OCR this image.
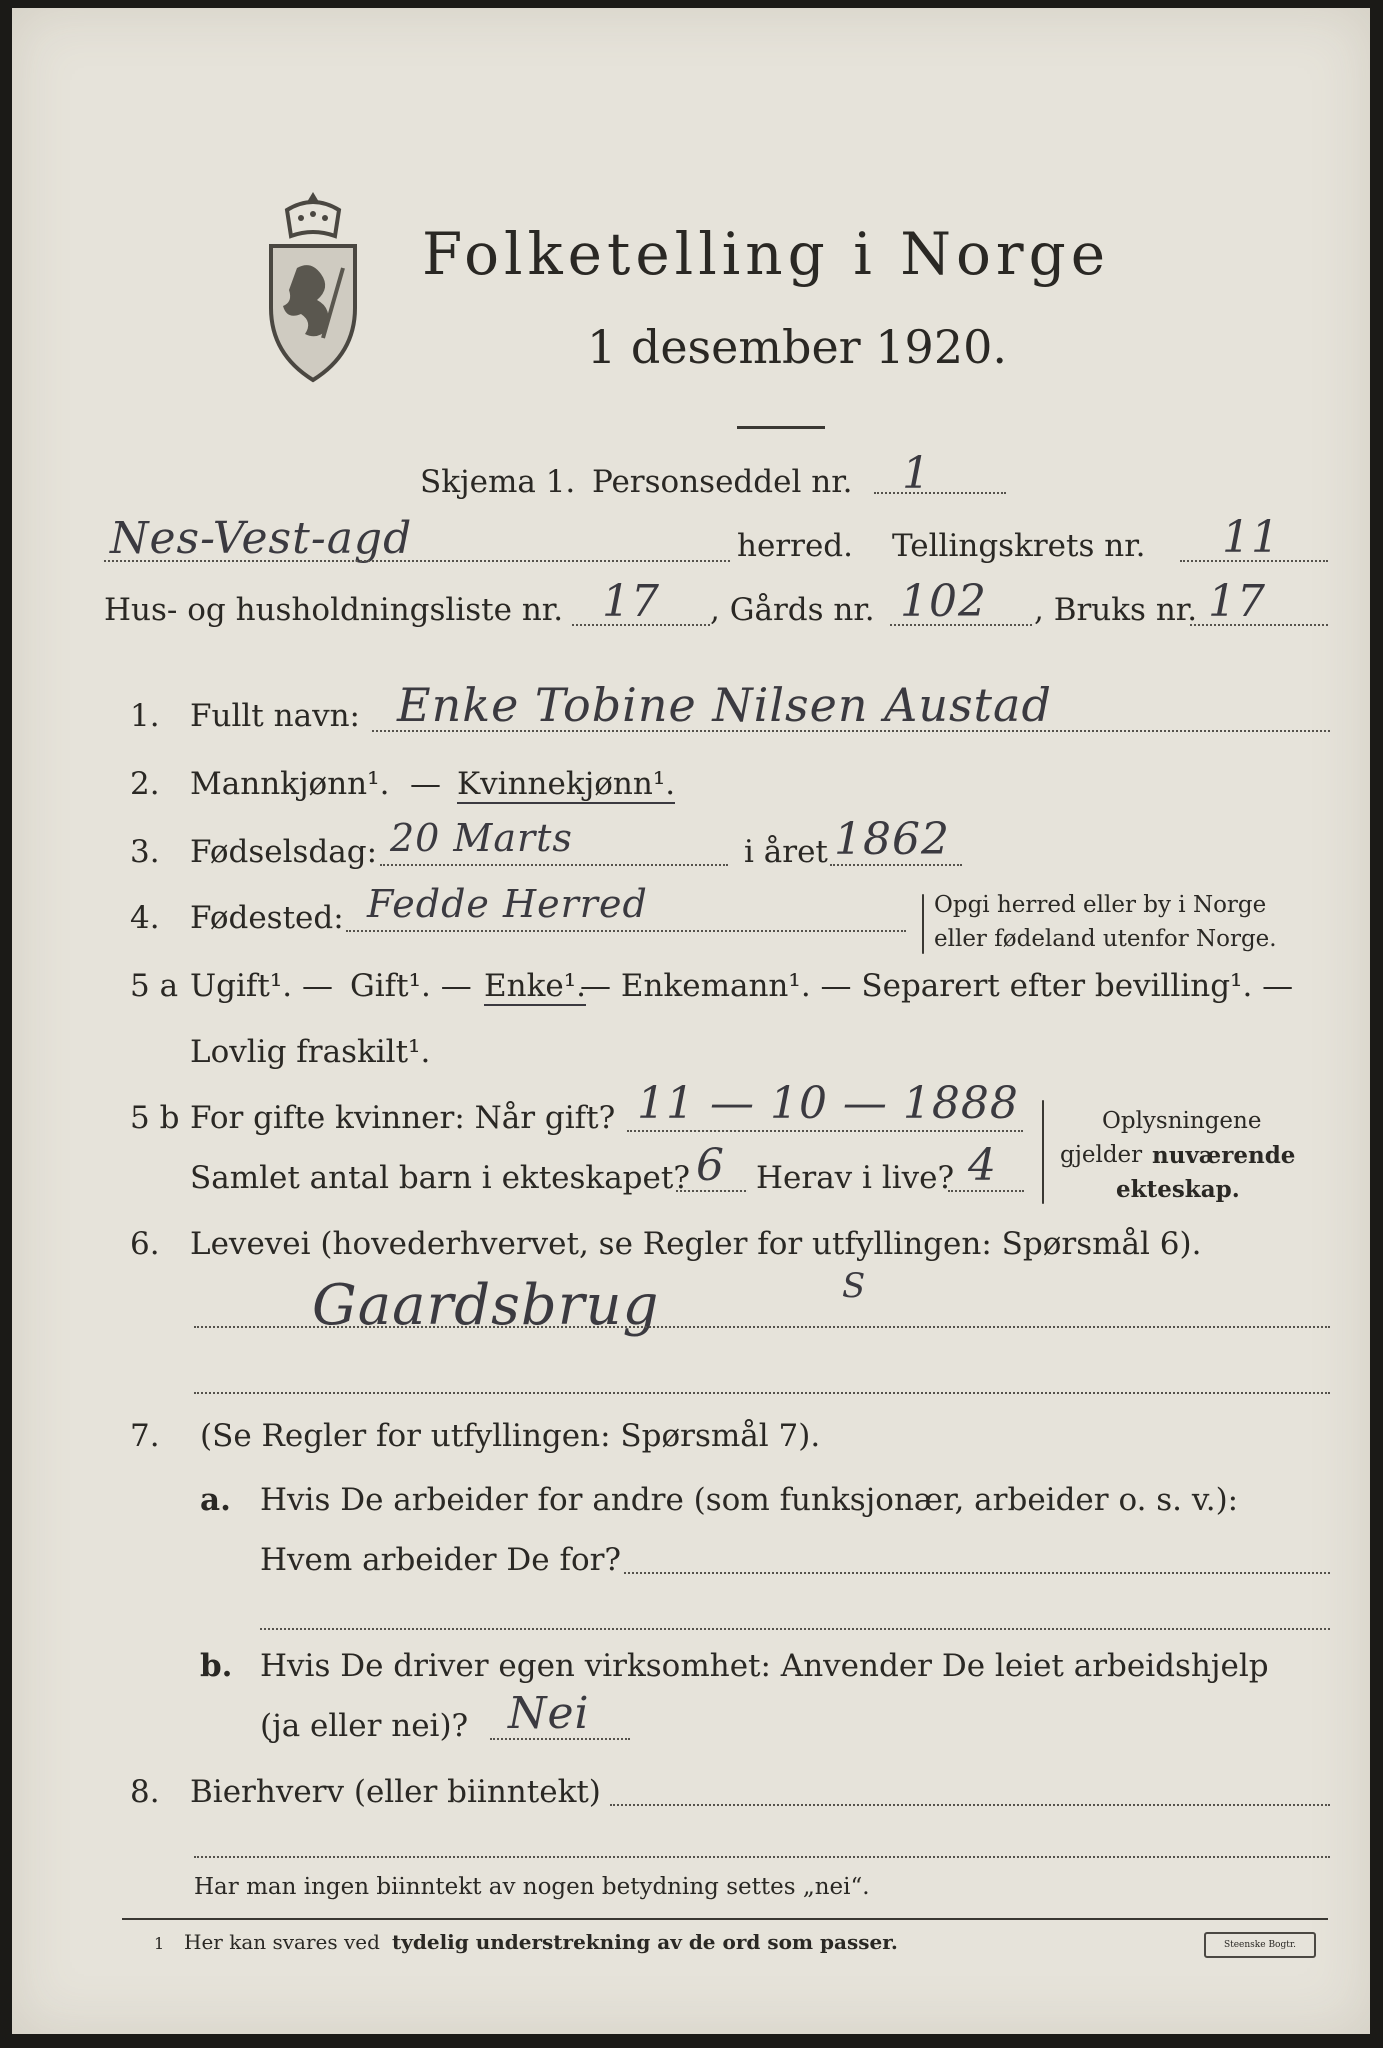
Folketelling i Norge
1 desember 1920.
Skjema 1. Personseddel nr. 1
Nes-Vest-agd	herred. Tellingskrets nr. 11
Hus- og husholdningsliste nr. 17 , Gårds nr. 102 , Bruks nr. 17
1. Fullt navn: Enke Tobine Nilsen Austad
2. Mannkjønn¹. — Kvinnekjønn¹.
3. Fødselsdag: 20 Marts	i året 1862
4. Fødested: Fedde Herred	Opgi herred eller by i Norge
eller fødeland utenfor Norge.
5 a Ugift¹. — Gift¹. — Enke¹.
— Enkemann¹. — Separert efter bevilling¹. —
Lovlig fraskilt¹.
5 b For gifte kvinner: Når gift? 11 — 10 — 1888
Samlet antal barn i ekteskapet? 6 Herav i live? 4
Oplysningene
gjelder nuværende
ekteskap.
6. Levevei (hovederhvervet, se Regler for utfyllingen: Spørsmål 6).
Gaardsbrug	S
7. (Se Regler for utfyllingen: Spørsmål 7).
a. Hvis De arbeider for andre (som funksjonær, arbeider o. s. v.):
Hvem arbeider De for?
b. Hvis De driver egen virksomhet: Anvender De leiet arbeidshjelp
(ja eller nei)? Nei
8. Bierhverv (eller biinntekt)
Har man ingen biinntekt av nogen betydning settes „nei“.
1 Her kan svares ved tydelig understrekning av de ord som passer.	Steenske Bogtr.
